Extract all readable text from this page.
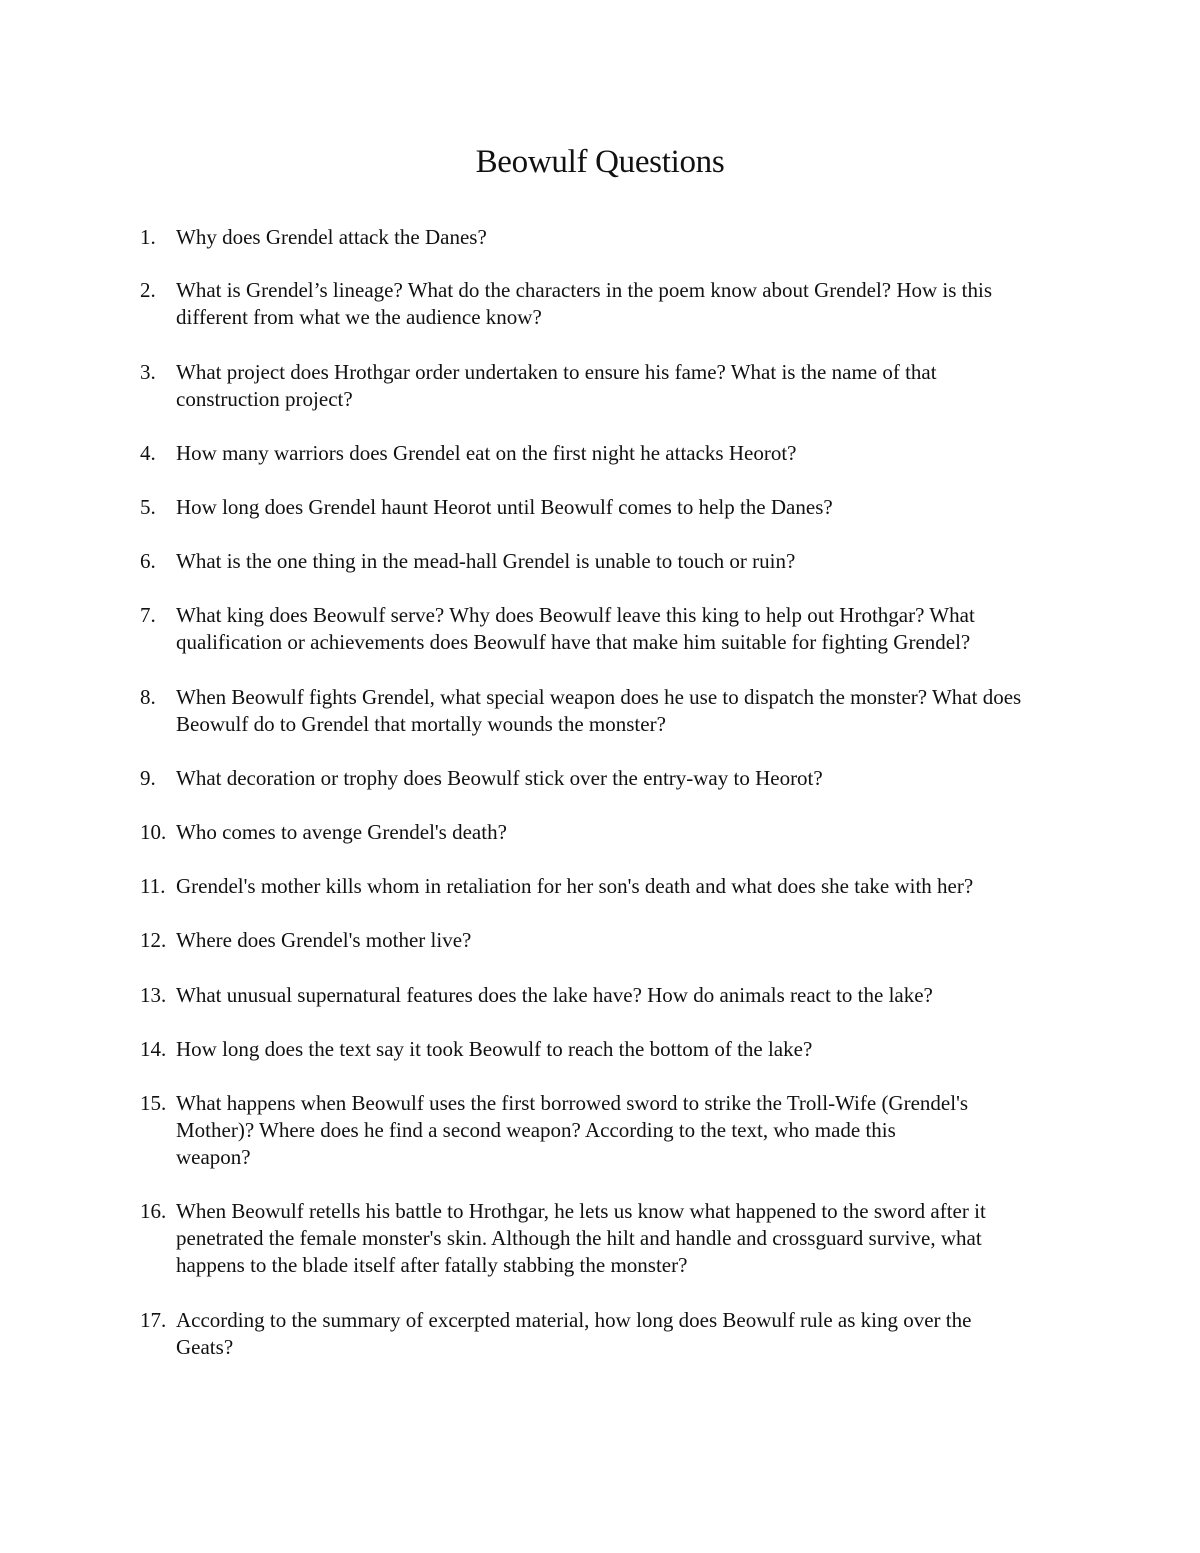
Beowulf Questions
1. Why does Grendel attack the Danes?
2. What is Grendel’s lineage? What do the characters in the poem know about Grendel? How is this
different from what we the audience know?
3. What project does Hrothgar order undertaken to ensure his fame? What is the name of that
construction project?
4. How many warriors does Grendel eat on the first night he attacks Heorot?
5. How long does Grendel haunt Heorot until Beowulf comes to help the Danes?
6. What is the one thing in the mead-hall Grendel is unable to touch or ruin?
7. What king does Beowulf serve? Why does Beowulf leave this king to help out Hrothgar? What
qualification or achievements does Beowulf have that make him suitable for fighting Grendel?
8. When Beowulf fights Grendel, what special weapon does he use to dispatch the monster? What does
Beowulf do to Grendel that mortally wounds the monster?
9. What decoration or trophy does Beowulf stick over the entry-way to Heorot?
10. Who comes to avenge Grendel's death?
11. Grendel's mother kills whom in retaliation for her son's death and what does she take with her?
12. Where does Grendel's mother live?
13. What unusual supernatural features does the lake have? How do animals react to the lake?
14. How long does the text say it took Beowulf to reach the bottom of the lake?
15. What happens when Beowulf uses the first borrowed sword to strike the Troll-Wife (Grendel's
Mother)? Where does he find a second weapon? According to the text, who made this
weapon?
16. When Beowulf retells his battle to Hrothgar, he lets us know what happened to the sword after it
penetrated the female monster's skin. Although the hilt and handle and crossguard survive, what
happens to the blade itself after fatally stabbing the monster?
17. According to the summary of excerpted material, how long does Beowulf rule as king over the
Geats?
